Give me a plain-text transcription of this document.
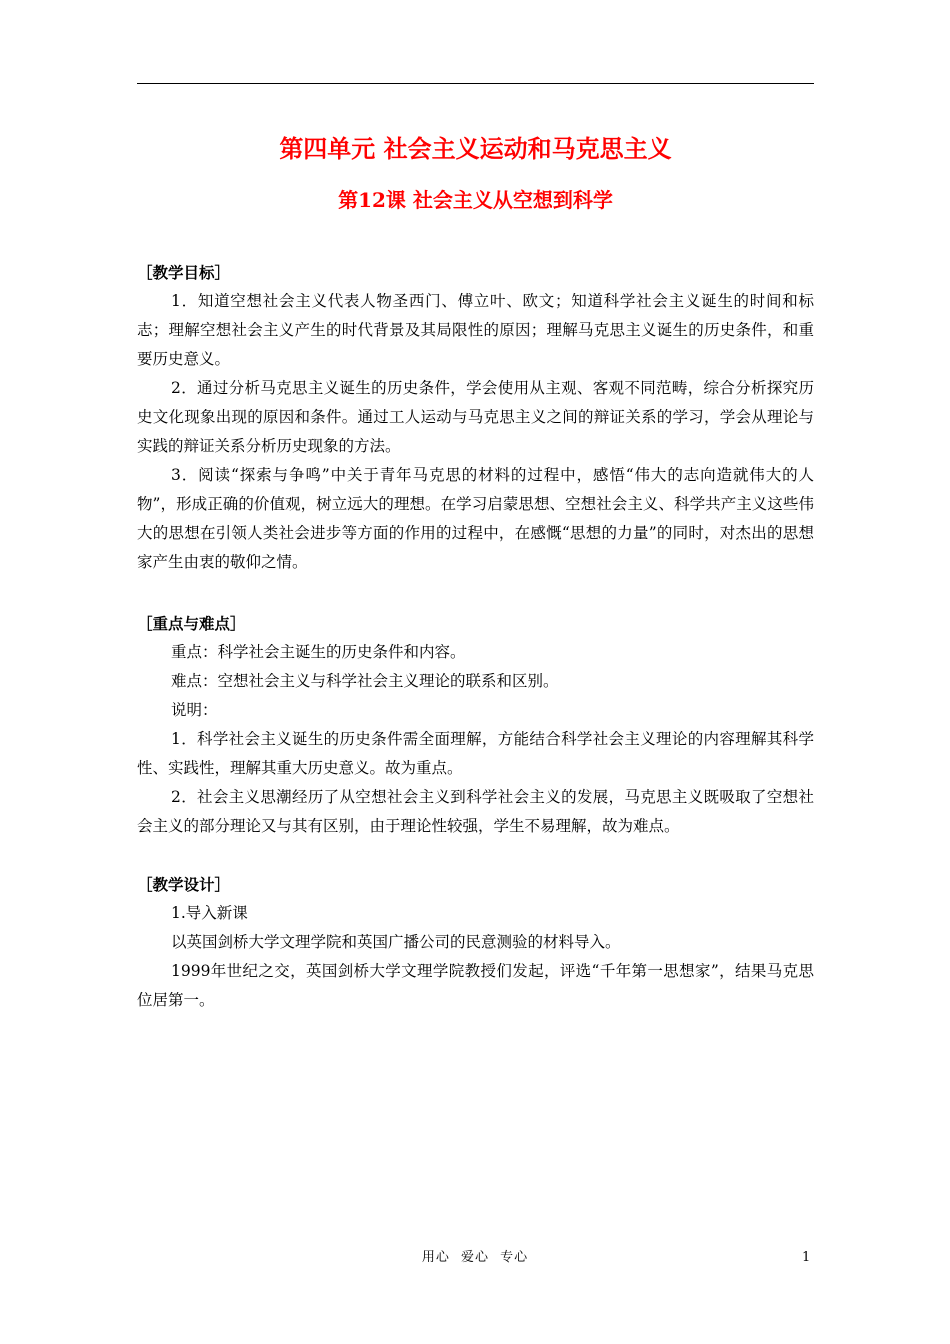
第四单元 社会主义运动和马克思主义
第12课 社会主义从空想到科学

［教学目标］

1．知道空想社会主义代表人物圣西门、傅立叶、欧文；知道科学社会主义诞生的时间和标志；理解空想社会主义产生的时代背景及其局限性的原因；理解马克思主义诞生的历史条件，和重要历史意义。

2．通过分析马克思主义诞生的历史条件，学会使用从主观、客观不同范畴，综合分析探究历史文化现象出现的原因和条件。通过工人运动与马克思主义之间的辩证关系的学习，学会从理论与实践的辩证关系分析历史现象的方法。

3．阅读“探索与争鸣”中关于青年马克思的材料的过程中，感悟“伟大的志向造就伟大的人物”，形成正确的价值观，树立远大的理想。在学习启蒙思想、空想社会主义、科学共产主义这些伟大的思想在引领人类社会进步等方面的作用的过程中，在感慨“思想的力量”的同时，对杰出的思想家产生由衷的敬仰之情。

［重点与难点］

重点：科学社会主诞生的历史条件和内容。

难点：空想社会主义与科学社会主义理论的联系和区别。

说明：

1．科学社会主义诞生的历史条件需全面理解，方能结合科学社会主义理论的内容理解其科学性、实践性，理解其重大历史意义。故为重点。

2．社会主义思潮经历了从空想社会主义到科学社会主义的发展，马克思主义既吸取了空想社会主义的部分理论又与其有区别，由于理论性较强，学生不易理解，故为难点。

［教学设计］

1.导入新课

以英国剑桥大学文理学院和英国广播公司的民意测验的材料导入。

1999年世纪之交，英国剑桥大学文理学院教授们发起，评选“千年第一思想家”，结果马克思位居第一。

用心 爱心 专心	1
